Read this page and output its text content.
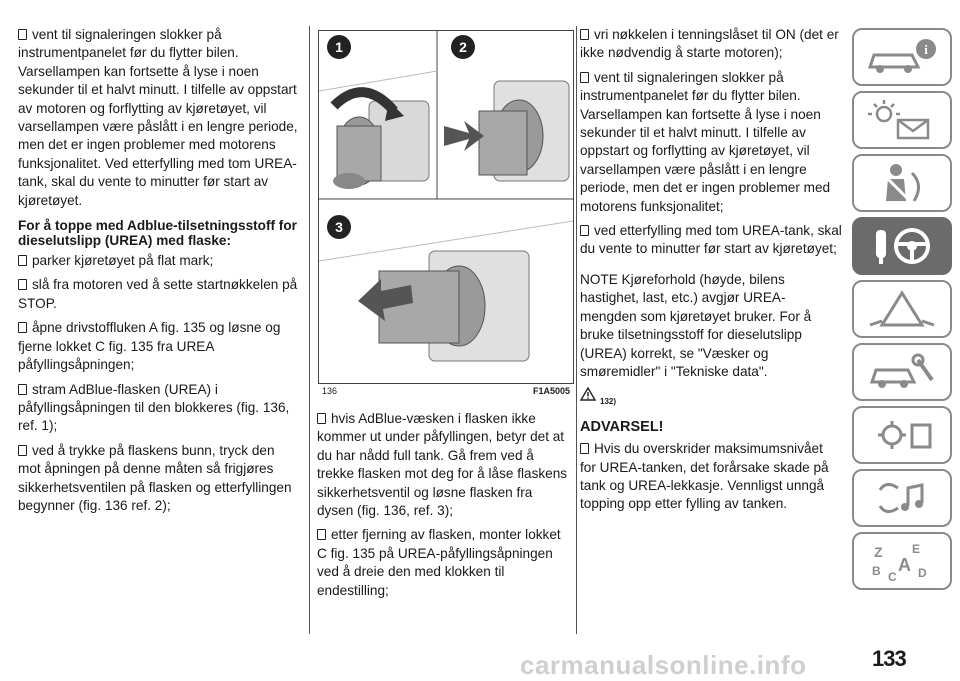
vent til signaleringen slokker på instrumentpanelet før du flytter bilen. Varsellampen kan fortsette å lyse i noen sekunder til et halvt minutt. I tilfelle av oppstart av motoren og forflytting av kjøretøyet, vil varsellampen være påslått i en lengre periode, men det er ingen problemer med motorens funksjonalitet. Ved etterfylling med tom UREA-tank, skal du vente to minutter før start av kjøretøyet.

For å toppe med Adblue-tilsetningsstoff for dieselutslipp (UREA) med flaske:

parker kjøretøyet på flat mark;

slå fra motoren ved å sette startnøkkelen på STOP.

åpne drivstoffluken A fig. 135 og løsne og fjerne lokket C fig. 135 fra UREA påfyllingsåpningen;

stram AdBlue-flasken (UREA) i påfyllingsåpningen til den blokkeres (fig. 136, ref. 1);

ved å trykke på flaskens bunn, tryck den mot åpningen på denne måten så frigjøres sikkerhetsventilen på flasken og etterfyllingen begynner (fig. 136 ref. 2);

1	2
3
136	F1A5005

hvis AdBlue-væsken i flasken ikke kommer ut under påfyllingen, betyr det at du har nådd full tank. Gå frem ved å trekke flasken mot deg for å låse flaskens sikkerhetsventil og løsne flasken fra dysen (fig. 136, ref. 3);

etter fjerning av flasken, monter lokket C fig. 135 på UREA-påfyllingsåpningen ved å dreie den med klokken til endestilling;

vri nøkkelen i tenningslåset til ON (det er ikke nødvendig å starte motoren);

vent til signaleringen slokker på instrumentpanelet før du flytter bilen. Varsellampen kan fortsette å lyse i noen sekunder til et halvt minutt. I tilfelle av oppstart og forflytting av kjøretøyet, vil varsellampen være påslått i en lengre periode, men det er ingen problemer med motorens funksjonalitet;

ved etterfylling med tom UREA-tank, skal du vente to minutter før start av kjøretøyet;

NOTE Kjøreforhold (høyde, bilens hastighet, last, etc.) avgjør UREA-mengden som kjøretøyet bruker. For å bruke tilsetningsstoff for dieselutslipp (UREA) korrekt, se "Væsker og smøremidler" i "Tekniske data".

132)
ADVARSEL!

Hvis du overskrider maksimumsnivået for UREA-tanken, det forårsake skade på tank og UREA-lekkasje. Vennligst unngå topping opp etter fylling av tanken.

i
Z E
B A
C D
133
carmanualsonline.info
